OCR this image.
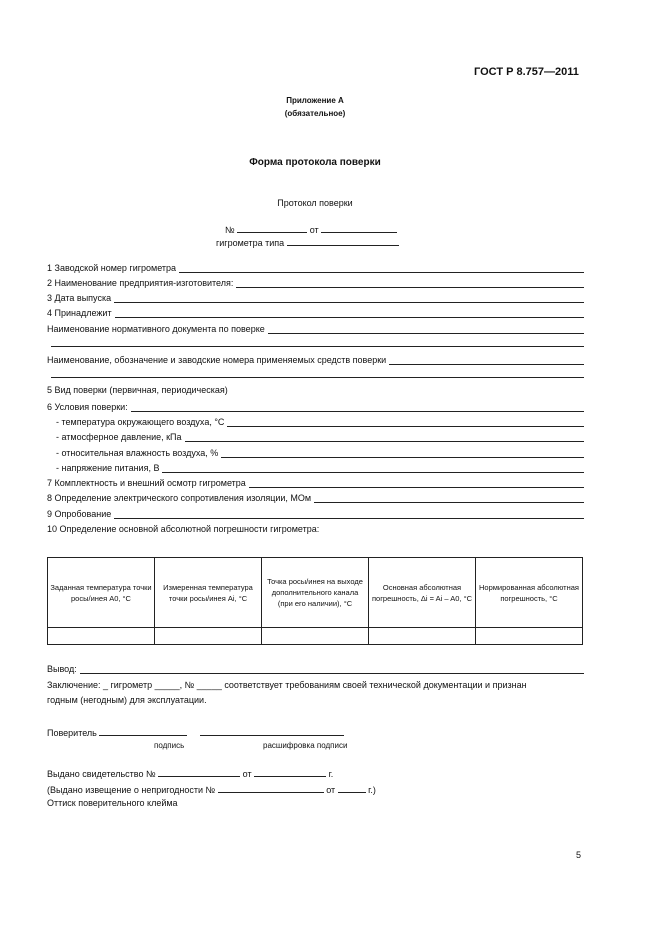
ГОСТ Р 8.757—2011
Приложение А
(обязательное)
Форма протокола поверки
Протокол поверки
№	от
гигрометра типа
1 Заводской номер гигрометра
2 Наименование предприятия-изготовителя:
3 Дата выпуска
4 Принадлежит
Наименование нормативного документа по поверке
Наименование, обозначение и заводские номера применяемых средств поверки
5 Вид поверки (первичная, периодическая)
6 Условия поверки:
- температура окружающего воздуха, °С
- атмосферное давление, кПа
- относительная влажность воздуха, %
- напряжение питания, В
7 Комплектность и внешний осмотр гигрометра
8 Определение электрического сопротивления изоляции, МОм
9 Опробование
10 Определение основной абсолютной погрешности гигрометра:
Заданная температура точки росы/инея A0, °С	Измеренная температура точки росы/инея Ai, °С	Точка росы/инея на выходе дополнительного канала (при его наличии), °С	Основная абсолютная погрешность, Δi = Ai – A0, °С	Нормированная абсолютная погрешность, °С

Вывод:
Заключение: _ гигрометр _____, № _____ соответствует требованиям своей технической документации и признан
годным (негодным) для эксплуатации.
Поверитель
подпись	расшифровка подписи
Выдано свидетельство №	от	г.
(Выдано извещение о непригодности №	от	г.)
Оттиск поверительного клейма
5
